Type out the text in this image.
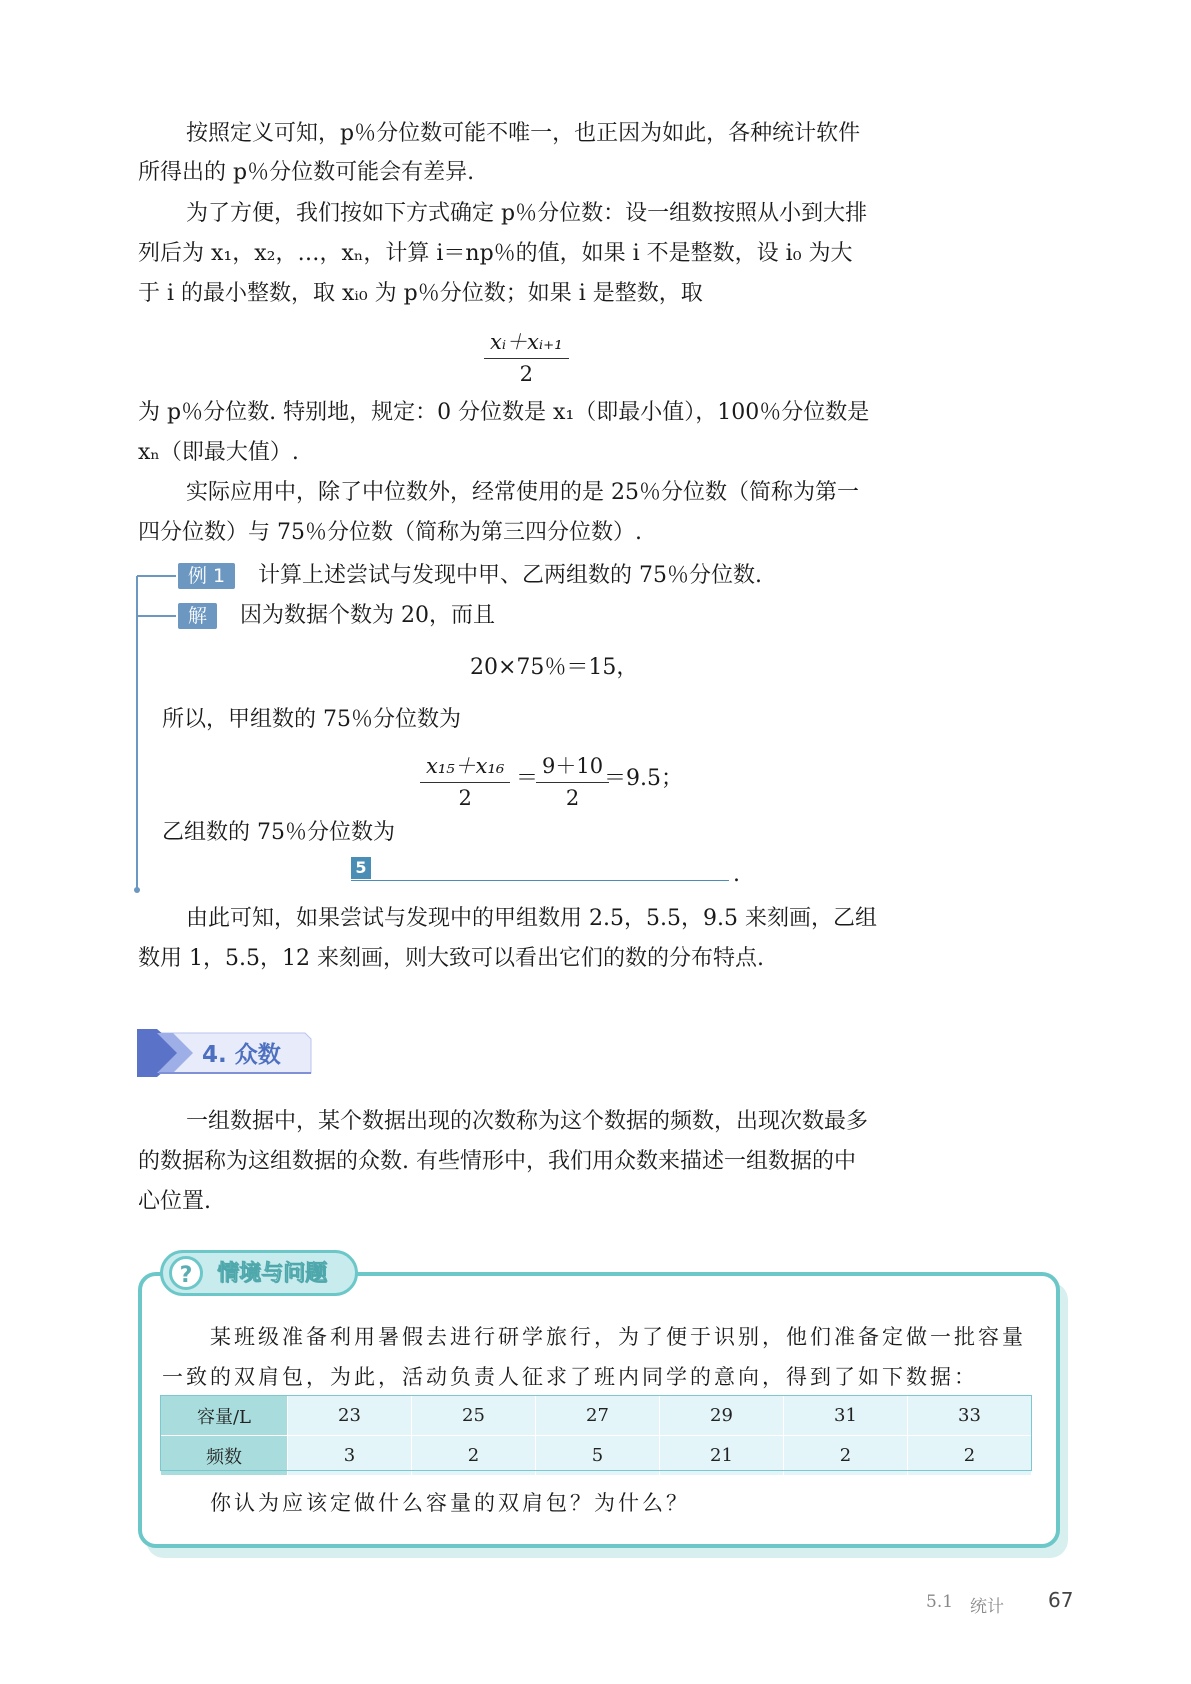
按照定义可知，p％分位数可能不唯一，也正因为如此，各种统计软件
所得出的 p％分位数可能会有差异.
为了方便，我们按如下方式确定 p％分位数：设一组数按照从小到大排
列后为 x₁，x₂，…，xₙ，计算 i＝np％的值，如果 i 不是整数，设 i₀ 为大
于 i 的最小整数，取 xᵢ₀ 为 p％分位数；如果 i 是整数，取
$\frac{\text{xᵢ＋xᵢ₊₁}}{2}$
为 p％分位数. 特别地，规定：0 分位数是 x₁（即最小值），100％分位数是
xₙ（即最大值）.
实际应用中，除了中位数外，经常使用的是 25％分位数（简称为第一
四分位数）与 75％分位数（简称为第三四分位数）.
例 1	计算上述尝试与发现中甲、乙两组数的 75％分位数.
解	因为数据个数为 20，而且
20×75％＝15，
所以，甲组数的 75％分位数为
$\frac{\text{x₁₅＋x₁₆}}{2}$ ＝
$\frac{9+10}{2}$
＝9.5；
乙组数的 75％分位数为
5	.
由此可知，如果尝试与发现中的甲组数用 2.5，5.5，9.5 来刻画，乙组
数用 1，5.5，12 来刻画，则大致可以看出它们的数的分布特点.
4. 众数
一组数据中，某个数据出现的次数称为这个数据的频数，出现次数最多
的数据称为这组数据的众数. 有些情形中，我们用众数来描述一组数据的中
心位置.
?	情境与问题
某班级准备利用暑假去进行研学旅行，为了便于识别，他们准备定做一批容量
一致的双肩包，为此，活动负责人征求了班内同学的意向，得到了如下数据：
容量/L	23	25	27	29	31	33
频数	3	2	5	21	2	2
你认为应该定做什么容量的双肩包？为什么？
5.1 统计 67
